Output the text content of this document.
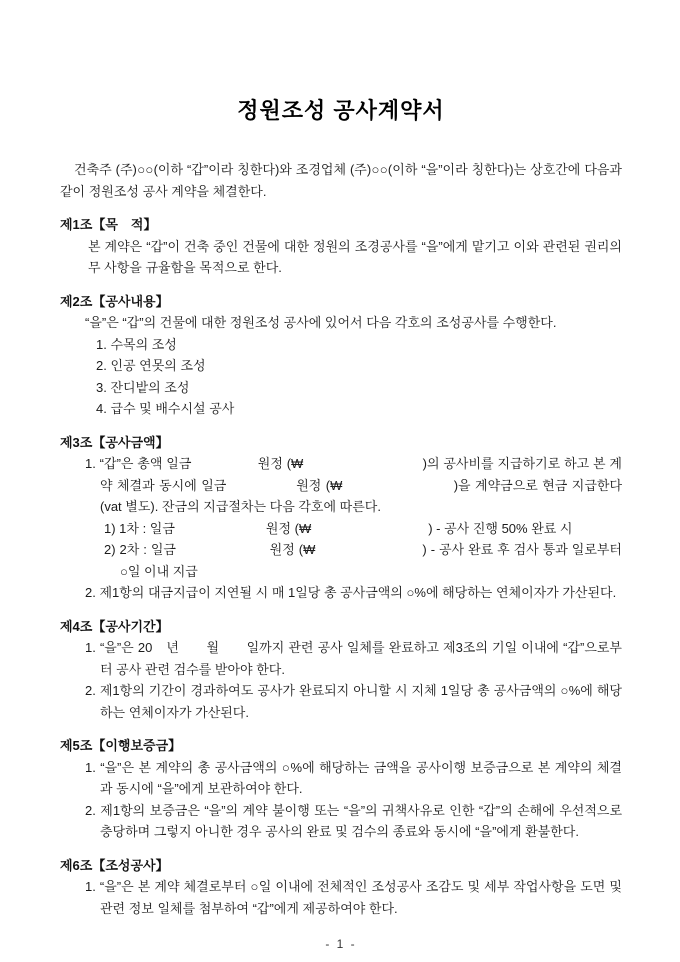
정원조성 공사계약서

건축주 (주)○○(이하 “갑”이라 칭한다)와 조경업체 (주)○○(이하 “을”이라 칭한다)는 상호간에 다음과 같이 정원조성 공사 계약을 체결한다.

제1조【목　적】

본 계약은 “갑”이 건축 중인 건물에 대한 정원의 조경공사를 “을”에게 맡기고 이와 관련된 권리의무 사항을 규율함을 목적으로 한다.

제2조【공사내용】

“을”은 “갑”의 건물에 대한 정원조성 공사에 있어서 다음 각호의 조성공사를 수행한다.

1. 수목의 조성

2. 인공 연못의 조성

3. 잔디밭의 조성

4. 급수 및 배수시설 공사

제3조【공사금액】

1. “갑”은 총액 일금　　　　　원정 (₩　　　　　　　　　)의 공사비를 지급하기로 하고 본 계약 체결과 동시에 일금　　　　　원정 (₩　　　　　　　　)을 계약금으로 현금 지급한다(vat 별도). 잔금의 지급절차는 다음 각호에 따른다.

1) 1차 : 일금　　　　　　　원정 (₩　　　　　　　　　) - 공사 진행 50% 완료 시

2) 2차 : 일금　　　　　　　원정 (₩　　　　　　　　) - 공사 완료 후 검사 통과 일로부터 ○일 이내 지급

2. 제1항의 대금지급이 지연될 시 매 1일당 총 공사금액의 ○%에 해당하는 연체이자가 가산된다.

제4조【공사기간】

1. “을”은 20　년　　월　　일까지 관련 공사 일체를 완료하고 제3조의 기일 이내에 “갑”으로부터 공사 관련 검수를 받아야 한다.

2. 제1항의 기간이 경과하여도 공사가 완료되지 아니할 시 지체 1일당 총 공사금액의 ○%에 해당하는 연체이자가 가산된다.

제5조【이행보증금】

1. “을”은 본 계약의 총 공사금액의 ○%에 해당하는 금액을 공사이행 보증금으로 본 계약의 체결과 동시에 “을”에게 보관하여야 한다.

2. 제1항의 보증금은 “을”의 계약 불이행 또는 “을”의 귀책사유로 인한 “갑”의 손해에 우선적으로 충당하며 그렇지 아니한 경우 공사의 완료 및 검수의 종료와 동시에 “을”에게 환불한다.

제6조【조성공사】

1. “을”은 본 계약 체결로부터 ○일 이내에 전체적인 조성공사 조감도 및 세부 작업사항을 도면 및 관련 정보 일체를 첨부하여 “갑”에게 제공하여야 한다.

- 1 -
